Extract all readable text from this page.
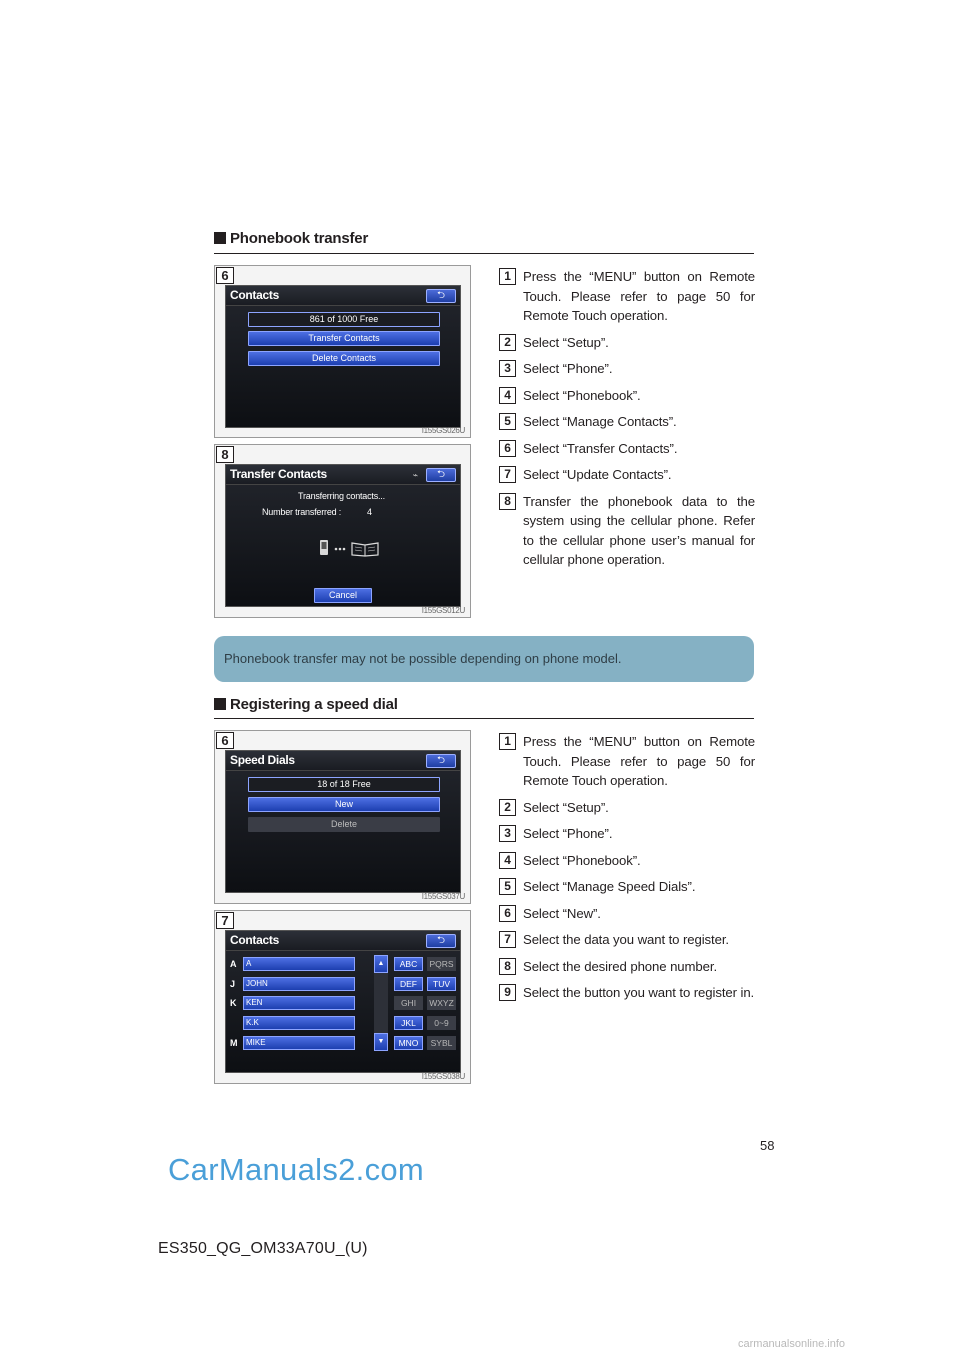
Phonebook transfer
6
Contacts	⮌
861 of 1000 Free
Transfer Contacts
Delete Contacts
I155GS026U
8
Transfer Contacts	⌁	⮌
Transferring contacts...
Number transferred :	4
Cancel
I155GS012U
1 Press the “MENU” button on Remote Touch. Please refer to page 50 for Remote Touch operation.
2 Select “Setup”.
3 Select “Phone”.
4 Select “Phonebook”.
5 Select “Manage Contacts”.
6 Select “Transfer Contacts”.
7 Select “Update Contacts”.
8 Transfer the phonebook data to the system using the cellular phone. Refer to the cellular phone user’s manual for cellular phone operation.
Phonebook transfer may not be possible depending on phone model.
Registering a speed dial
6
Speed Dials	⮌
18 of 18 Free
New
Delete
I155GS037U
7
Contacts	⮌
A	A
J	JOHN
K	KEN
K.K
M	MIKE
▲
▼
ABC	PQRS
DEF	TUV
GHI	WXYZ
JKL	0~9
MNO	SYBL
I155GS038U
1 Press the “MENU” button on Remote Touch. Please refer to page 50 for Remote Touch operation.
2 Select “Setup”.
3 Select “Phone”.
4 Select “Phonebook”.
5 Select “Manage Speed Dials”.
6 Select “New”.
7 Select the data you want to register.
8 Select the desired phone number.
9 Select the button you want to register in.
58
CarManuals2.com
ES350_QG_OM33A70U_(U)
carmanualsonline.info
